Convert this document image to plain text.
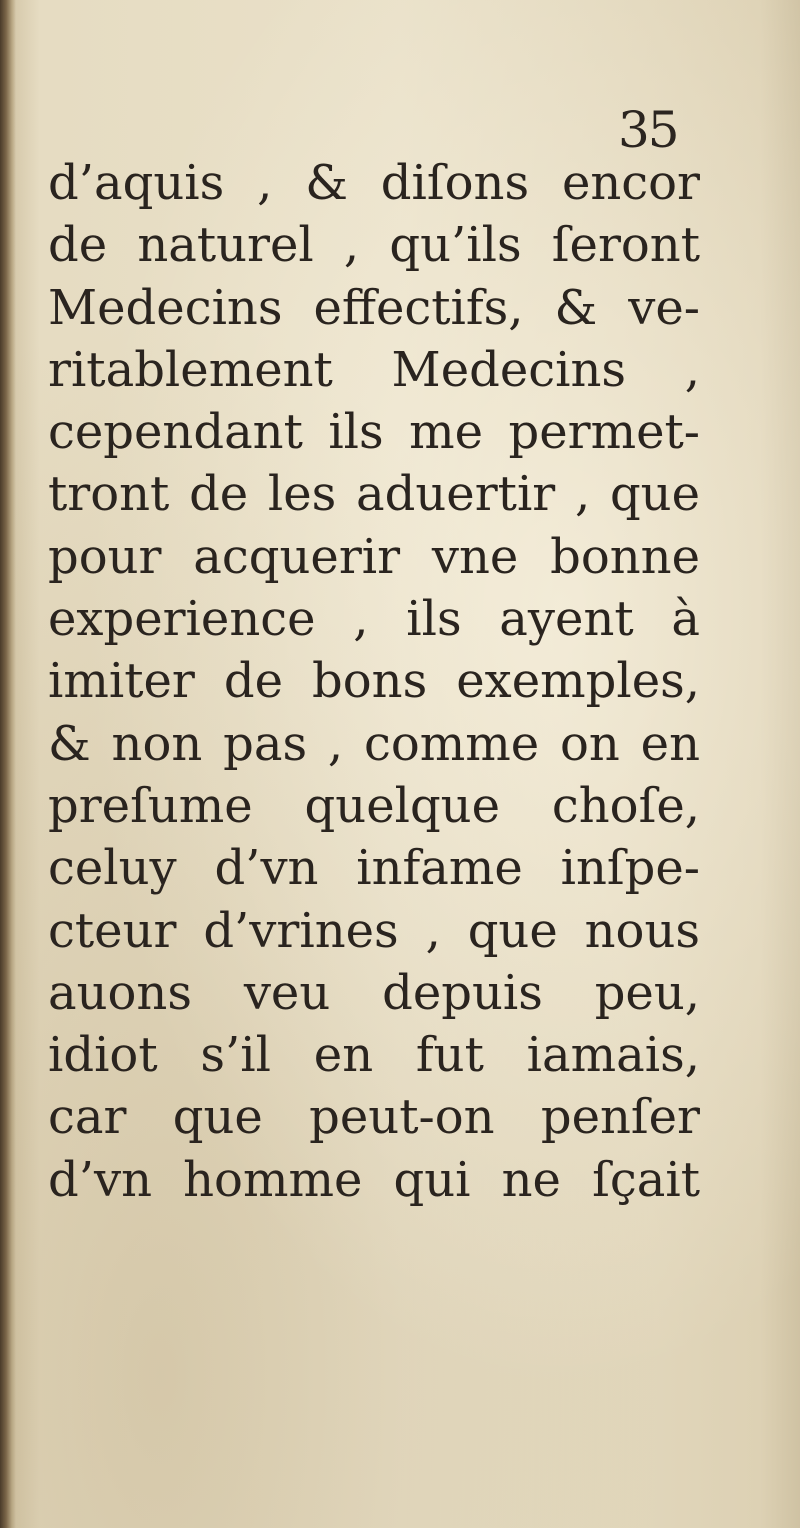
35
d’aquis , & diſons encor
de naturel , qu’ils ſeront
Medecins effectifs, & ve-
ritablement Medecins ,
cependant ils me permet-
tront de les aduertir , que
pour acquerir vne bonne
experience , ils ayent à
imiter de bons exemples,
& non pas , comme on en
preſume quelque choſe,
celuy d’vn infame inſpe-
cteur d’vrines , que nous
auons veu depuis peu,
idiot s’il en fut iamais,
car que peut-on penſer
d’vn homme qui ne ſçait
